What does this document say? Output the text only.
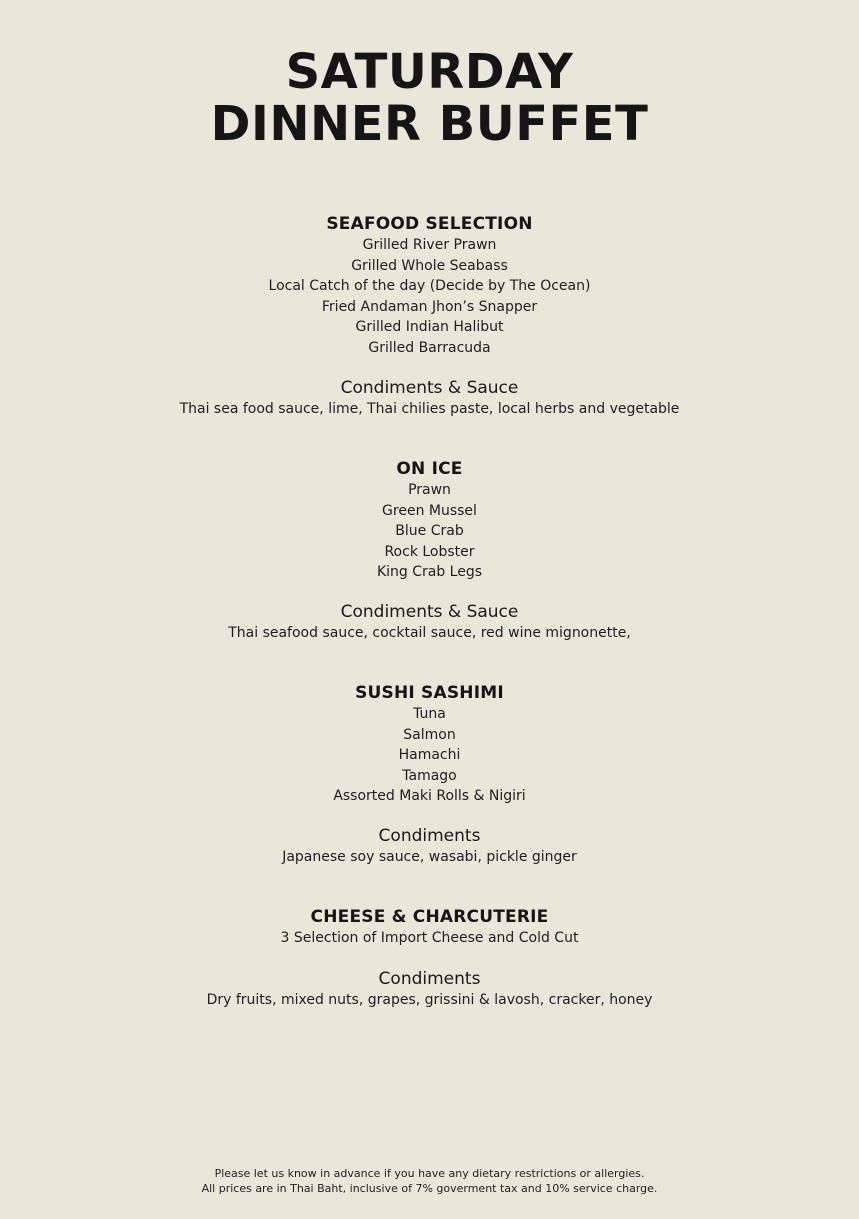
SATURDAY
DINNER BUFFET
SEAFOOD SELECTION
Grilled River Prawn
Grilled Whole Seabass
Local Catch of the day (Decide by The Ocean)
Fried Andaman Jhon’s Snapper
Grilled Indian Halibut
Grilled Barracuda
Condiments & Sauce
Thai sea food sauce, lime, Thai chilies paste, local herbs and vegetable
ON ICE
Prawn
Green Mussel
Blue Crab
Rock Lobster
King Crab Legs
Condiments & Sauce
Thai seafood sauce, cocktail sauce, red wine mignonette,
SUSHI SASHIMI
Tuna
Salmon
Hamachi
Tamago
Assorted Maki Rolls & Nigiri
Condiments
Japanese soy sauce, wasabi, pickle ginger
CHEESE & CHARCUTERIE
3 Selection of Import Cheese and Cold Cut
Condiments
Dry fruits, mixed nuts, grapes, grissini & lavosh, cracker, honey
Please let us know in advance if you have any dietary restrictions or allergies.
All prices are in Thai Baht, inclusive of 7% goverment tax and 10% service charge.
